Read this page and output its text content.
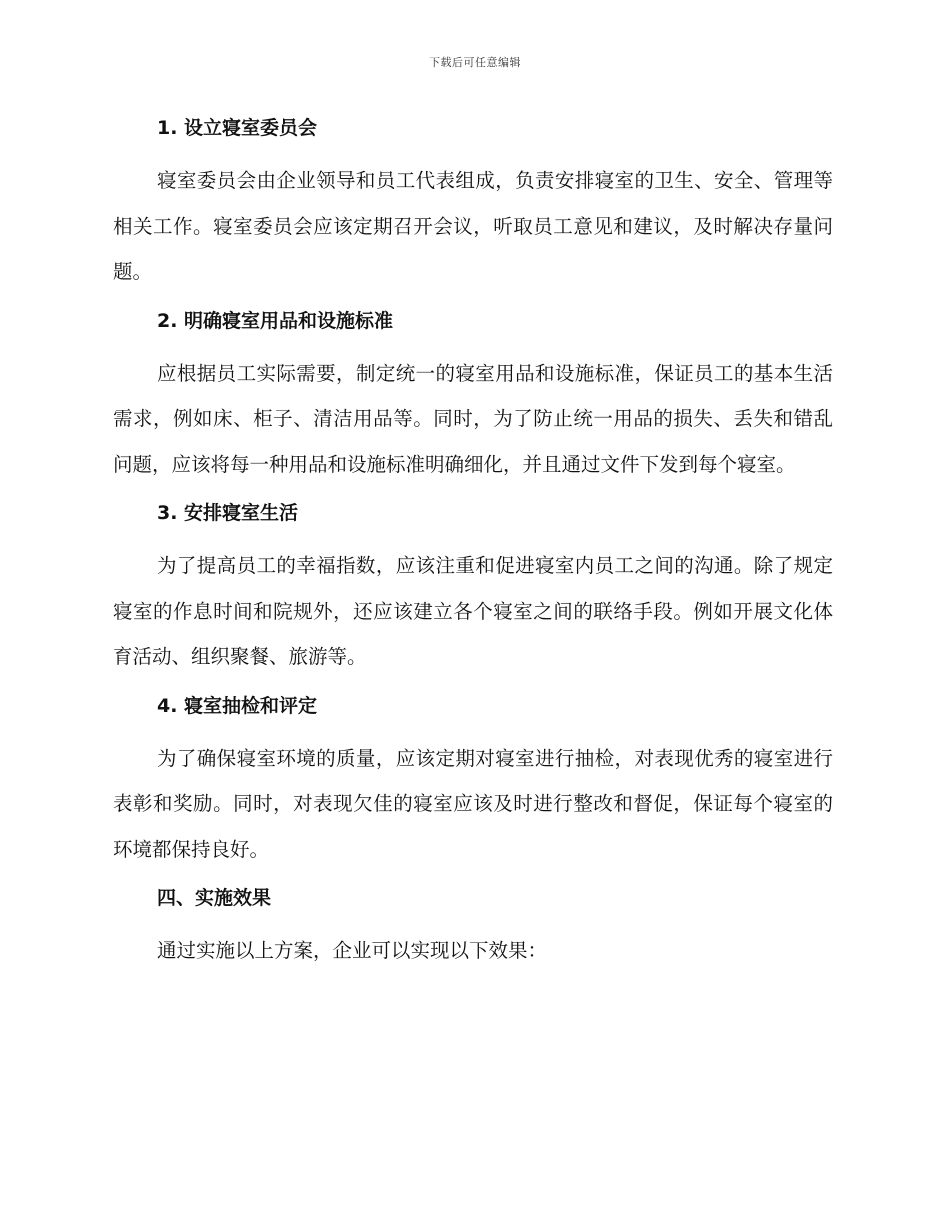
下载后可任意编辑
1. 设立寝室委员会

寝室委员会由企业领导和员工代表组成，负责安排寝室的卫生、安全、管理等相关工作。寝室委员会应该定期召开会议，听取员工意见和建议，及时解决存量问题。

2. 明确寝室用品和设施标准

应根据员工实际需要，制定统一的寝室用品和设施标准，保证员工的基本生活需求，例如床、柜子、清洁用品等。同时，为了防止统一用品的损失、丢失和错乱问题，应该将每一种用品和设施标准明确细化，并且通过文件下发到每个寝室。

3. 安排寝室生活

为了提高员工的幸福指数，应该注重和促进寝室内员工之间的沟通。除了规定寝室的作息时间和院规外，还应该建立各个寝室之间的联络手段。例如开展文化体育活动、组织聚餐、旅游等。

4. 寝室抽检和评定

为了确保寝室环境的质量，应该定期对寝室进行抽检，对表现优秀的寝室进行表彰和奖励。同时，对表现欠佳的寝室应该及时进行整改和督促，保证每个寝室的环境都保持良好。

四、实施效果

通过实施以上方案，企业可以实现以下效果：
